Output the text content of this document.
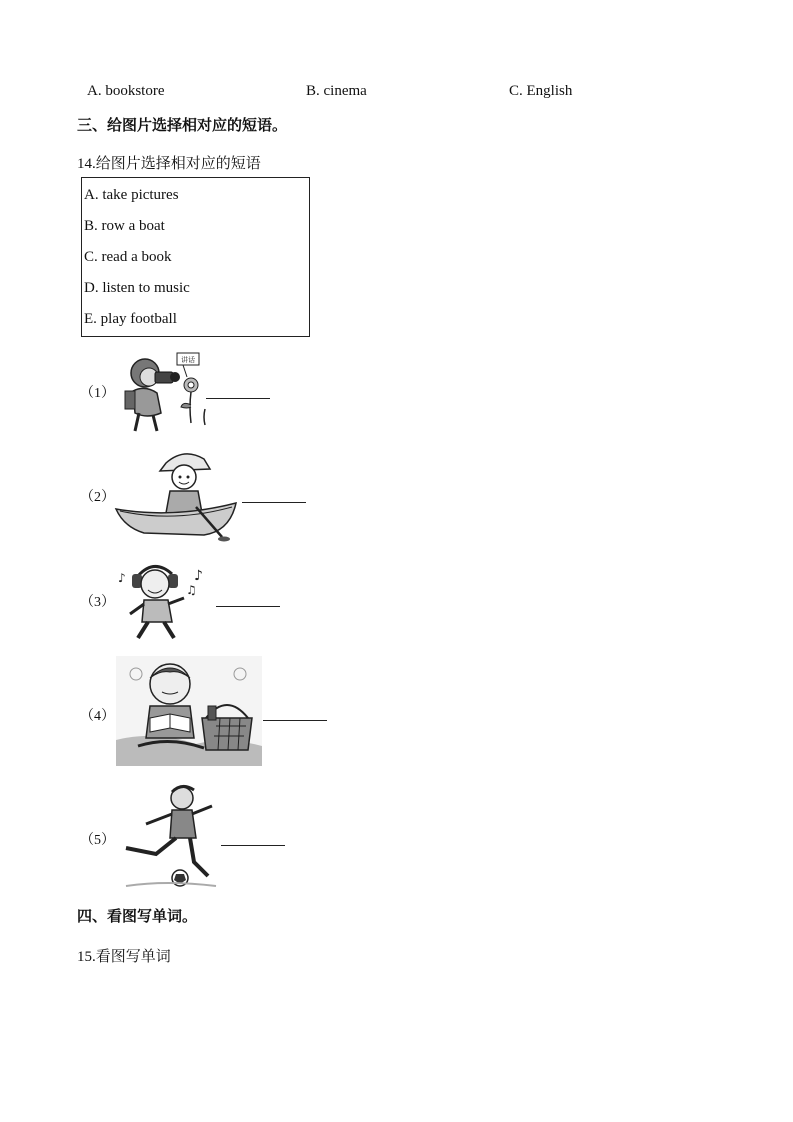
A. bookstore	B. cinema	C. English
三、给图片选择相对应的短语。
14.给图片选择相对应的短语
A. take pictures
B. row a boat
C. read a book
D. listen to music
E. play football
（1）
讲话
（2）
（3）
♪
♫
♪
（4）
（5）
四、看图写单词。
15.看图写单词
